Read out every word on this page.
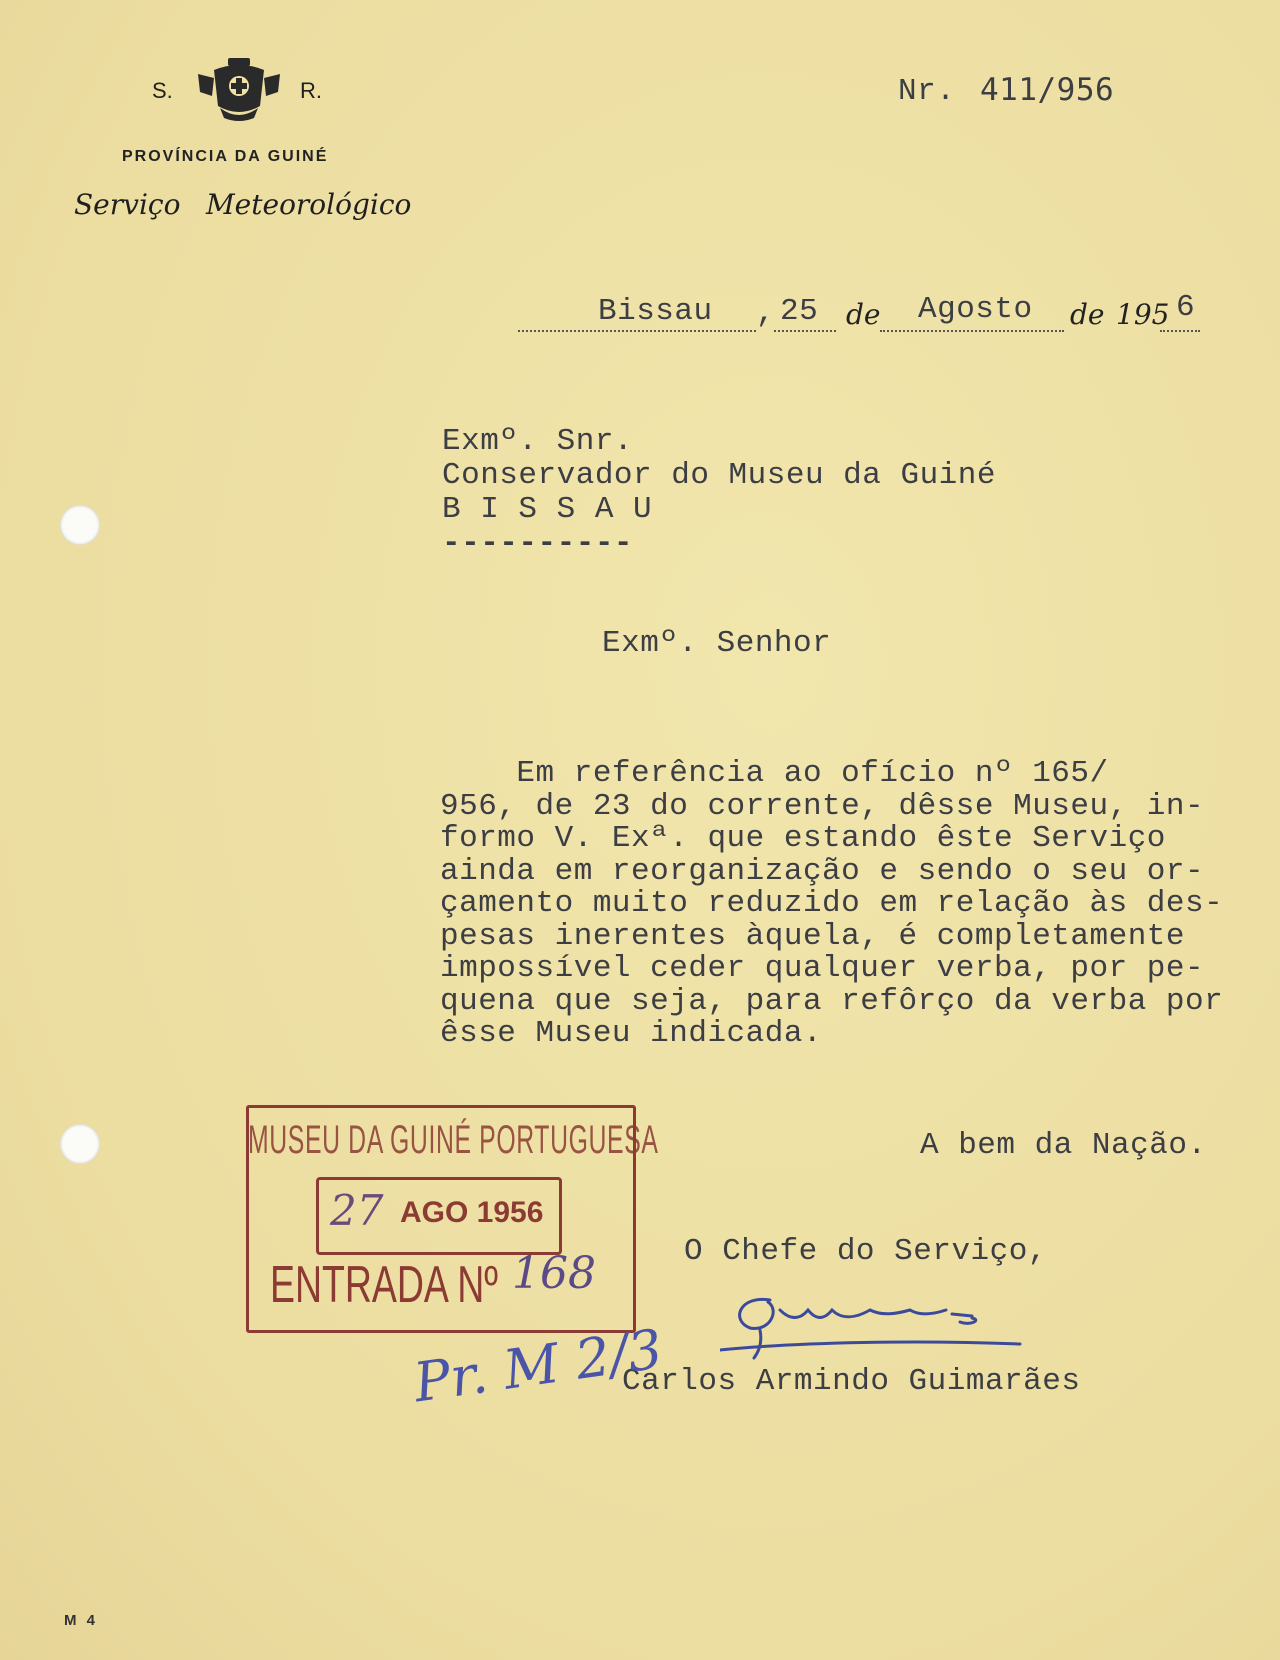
S.	R.
PROVÍNCIA DA GUINÉ
Serviço Meteorológico
Nr. 411/956
Bissau , 25 de Agosto de 195 6
Exmº. Snr.
Conservador do Museu da Guiné
B I S S A U
----------
Exmº. Senhor
Em referência ao ofício nº 165/
956, de 23 do corrente, dêsse Museu, in-
formo V. Exª. que estando êste Serviço
ainda em reorganização e sendo o seu or-
çamento muito reduzido em relação às des-
pesas inerentes àquela, é completamente
impossível ceder qualquer verba, por pe-
quena que seja, para refôrço da verba por
êsse Museu indicada.
A bem da Nação.
O Chefe do Serviço,
Carlos Armindo Guimarães
MUSEU DA GUINÉ PORTUGUESA
27 AGO 1956
ENTRADA Nº 168
Pr. M 2/3
M 4
